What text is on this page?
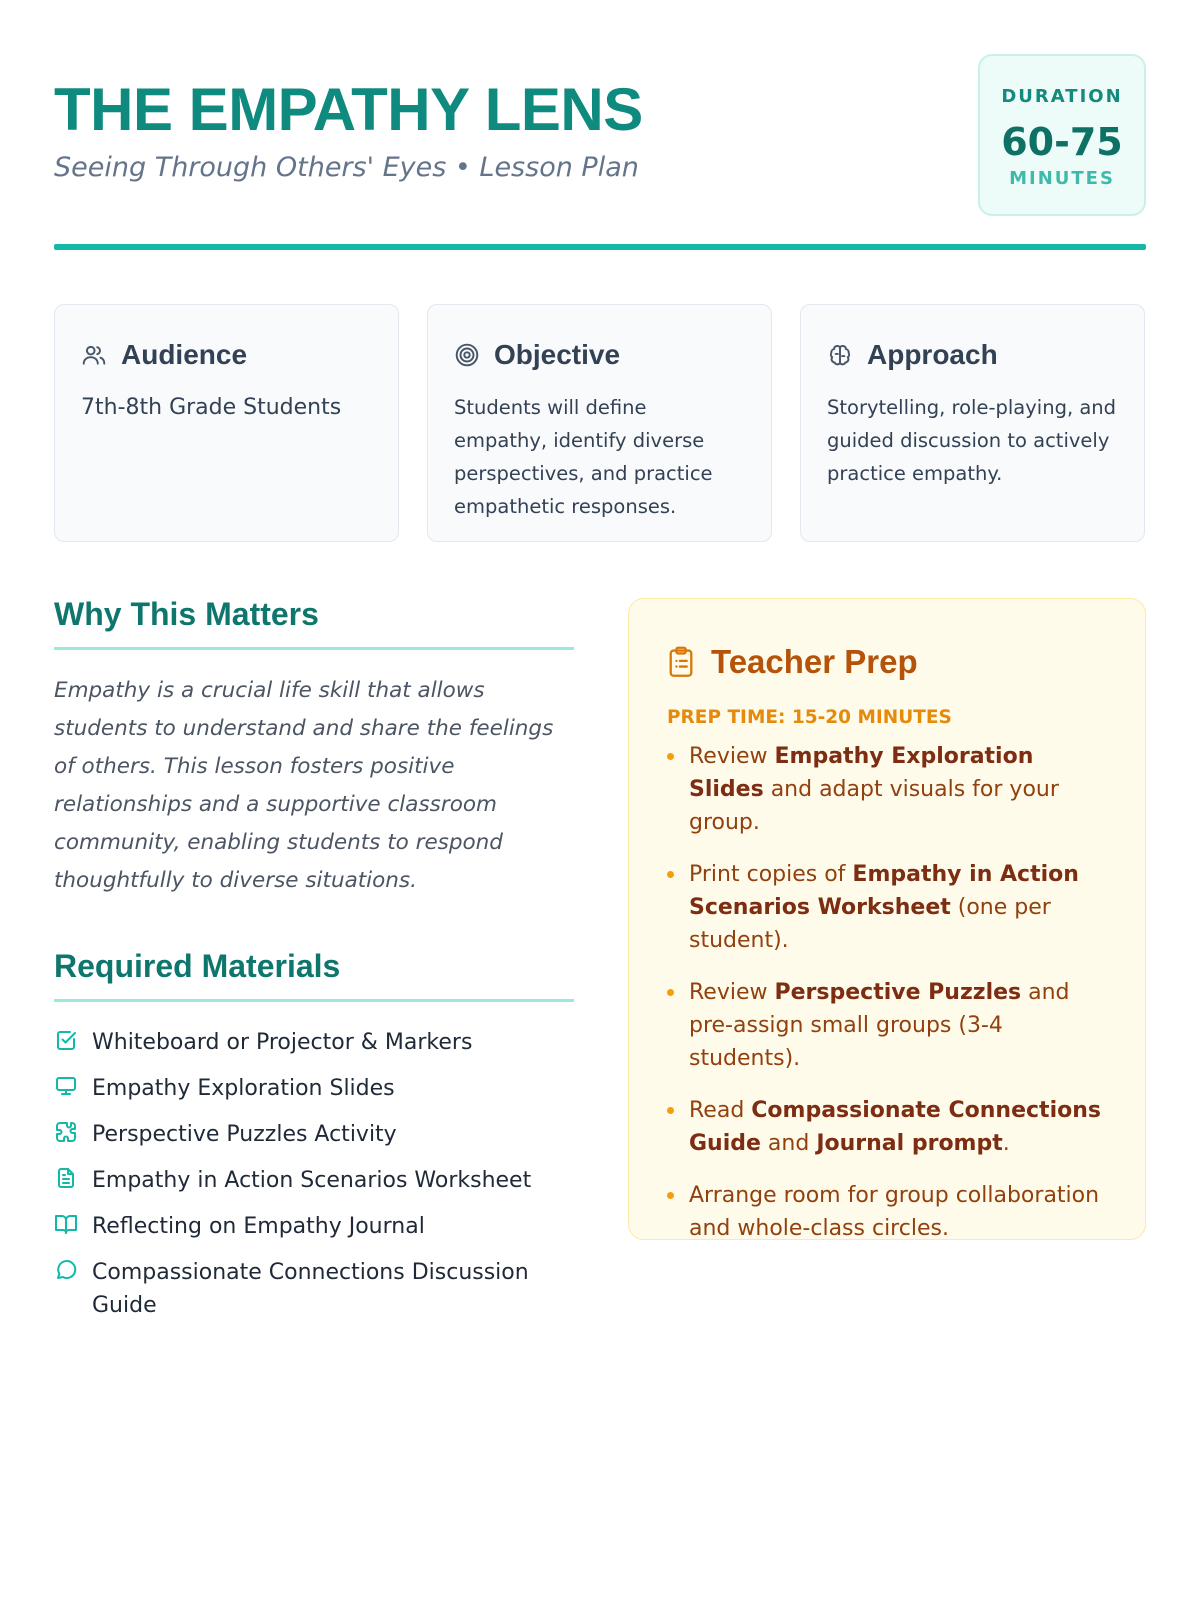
THE EMPATHY LENS

Seeing Through Others' Eyes • Lesson Plan

DURATION
60-75
MINUTES
Audience
7th-8th Grade Students
Objective
Students will define empathy, identify diverse perspectives, and practice empathetic responses.
Approach
Storytelling, role-playing, and guided discussion to actively practice empathy.
Why This Matters
Empathy is a crucial life skill that allows students to understand and share the feelings of others. This lesson fosters positive relationships and a supportive classroom community, enabling students to respond thoughtfully to diverse situations.
Required Materials
Whiteboard or Projector & Markers
Empathy Exploration Slides
Perspective Puzzles Activity
Empathy in Action Scenarios Worksheet
Reflecting on Empathy Journal
Compassionate Connections Discussion Guide
Teacher Prep
PREP TIME: 15-20 MINUTES
Review Empathy Exploration Slides and adapt visuals for your group.
Print copies of Empathy in Action Scenarios Worksheet (one per student).
Review Perspective Puzzles and pre-assign small groups (3-4 students).
Read Compassionate Connections Guide and Journal prompt.
Arrange room for group collaboration and whole-class circles.
